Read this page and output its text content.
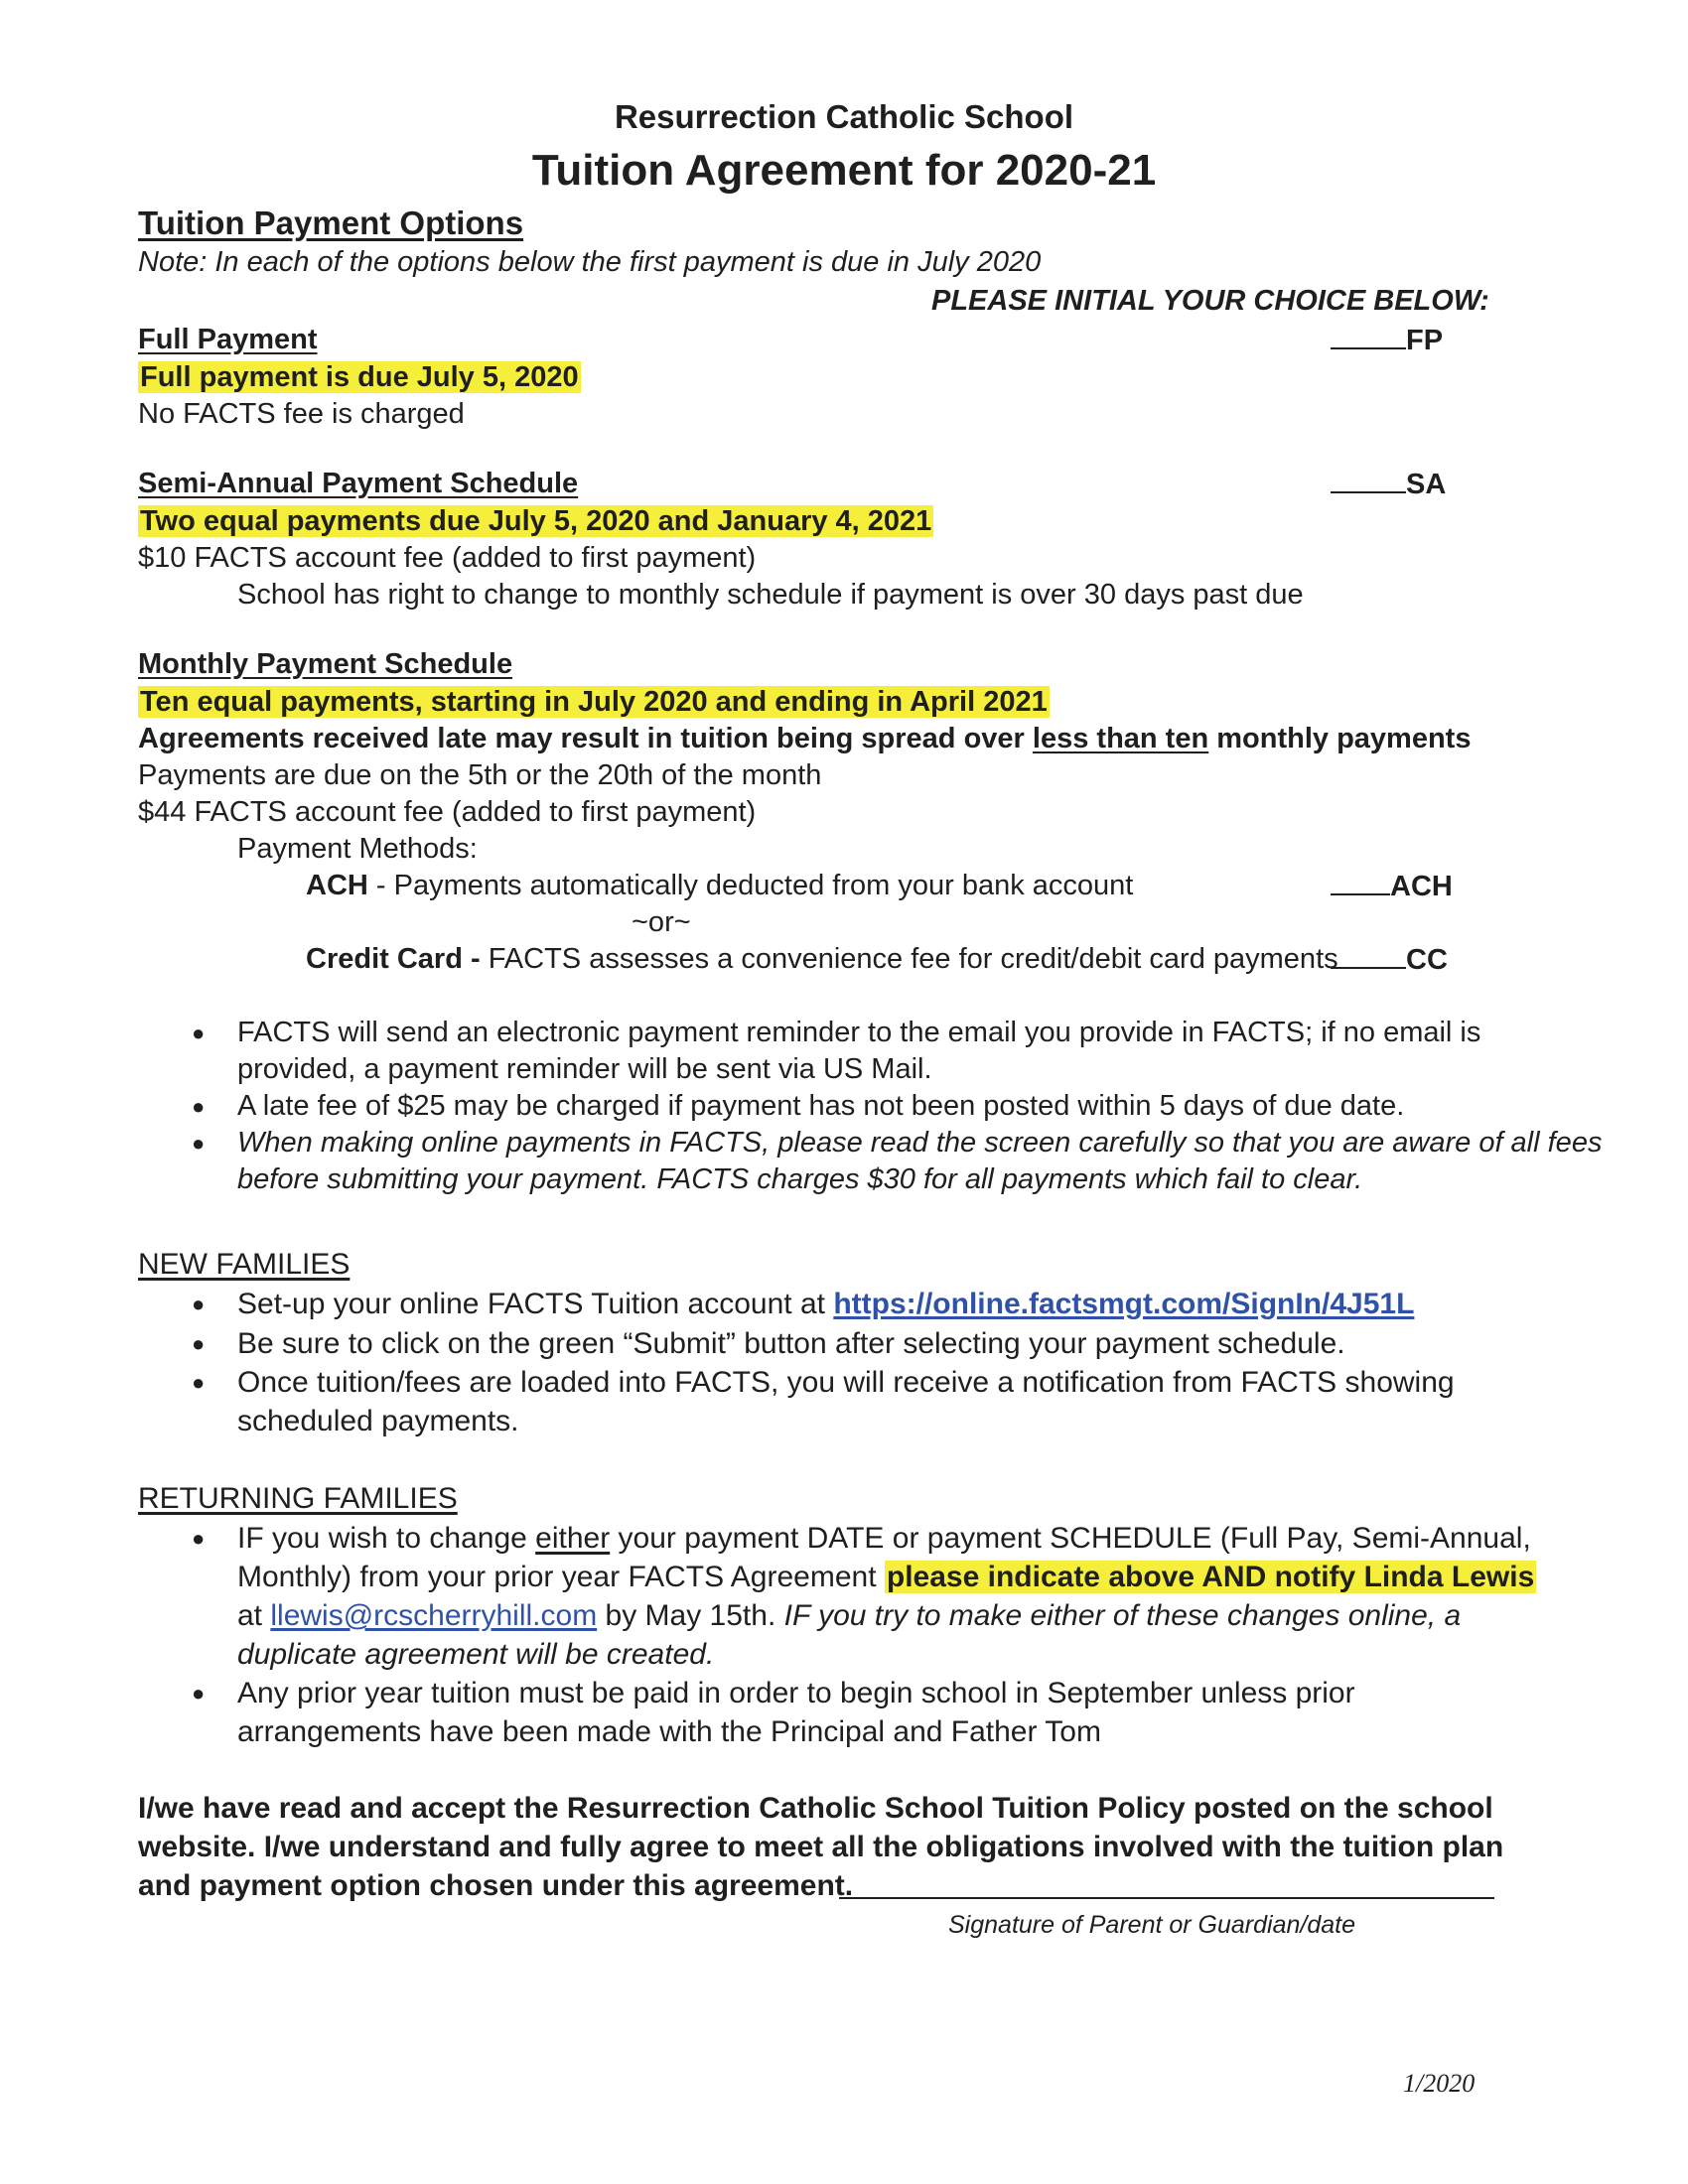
Resurrection Catholic School
Tuition Agreement for 2020-21
Tuition Payment Options
Note: In each of the options below the first payment is due in July 2020
PLEASE INITIAL YOUR CHOICE BELOW:
Full Payment	FP
Full payment is due July 5, 2020
No FACTS fee is charged
Semi-Annual Payment Schedule	SA
Two equal payments due July 5, 2020 and January 4, 2021
$10 FACTS account fee (added to first payment)
School has right to change to monthly schedule if payment is over 30 days past due
Monthly Payment Schedule
Ten equal payments, starting in July 2020 and ending in April 2021
Agreements received late may result in tuition being spread over less than ten monthly payments
Payments are due on the 5th or the 20th of the month
$44 FACTS account fee (added to first payment)
Payment Methods:
ACH - Payments automatically deducted from your bank account	ACH
~or~
Credit Card - FACTS assesses a convenience fee for credit/debit card payments	CC
● FACTS will send an electronic payment reminder to the email you provide in FACTS; if no email is
provided, a payment reminder will be sent via US Mail.
● A late fee of $25 may be charged if payment has not been posted within 5 days of due date.
● When making online payments in FACTS, please read the screen carefully so that you are aware of all fees
before submitting your payment. FACTS charges $30 for all payments which fail to clear.
NEW FAMILIES
● Set-up your online FACTS Tuition account at https://online.factsmgt.com/SignIn/4J51L
● Be sure to click on the green “Submit” button after selecting your payment schedule.
● Once tuition/fees are loaded into FACTS, you will receive a notification from FACTS showing
scheduled payments.
RETURNING FAMILIES
● IF you wish to change either your payment DATE or payment SCHEDULE (Full Pay, Semi-Annual,
Monthly) from your prior year FACTS Agreement please indicate above AND notify Linda Lewis
at llewis@rcscherryhill.com by May 15th. IF you try to make either of these changes online, a
duplicate agreement will be created.
● Any prior year tuition must be paid in order to begin school in September unless prior
arrangements have been made with the Principal and Father Tom
I/we have read and accept the Resurrection Catholic School Tuition Policy posted on the school
website. I/we understand and fully agree to meet all the obligations involved with the tuition plan
and payment option chosen under this agreement.
Signature of Parent or Guardian/date
1/2020
